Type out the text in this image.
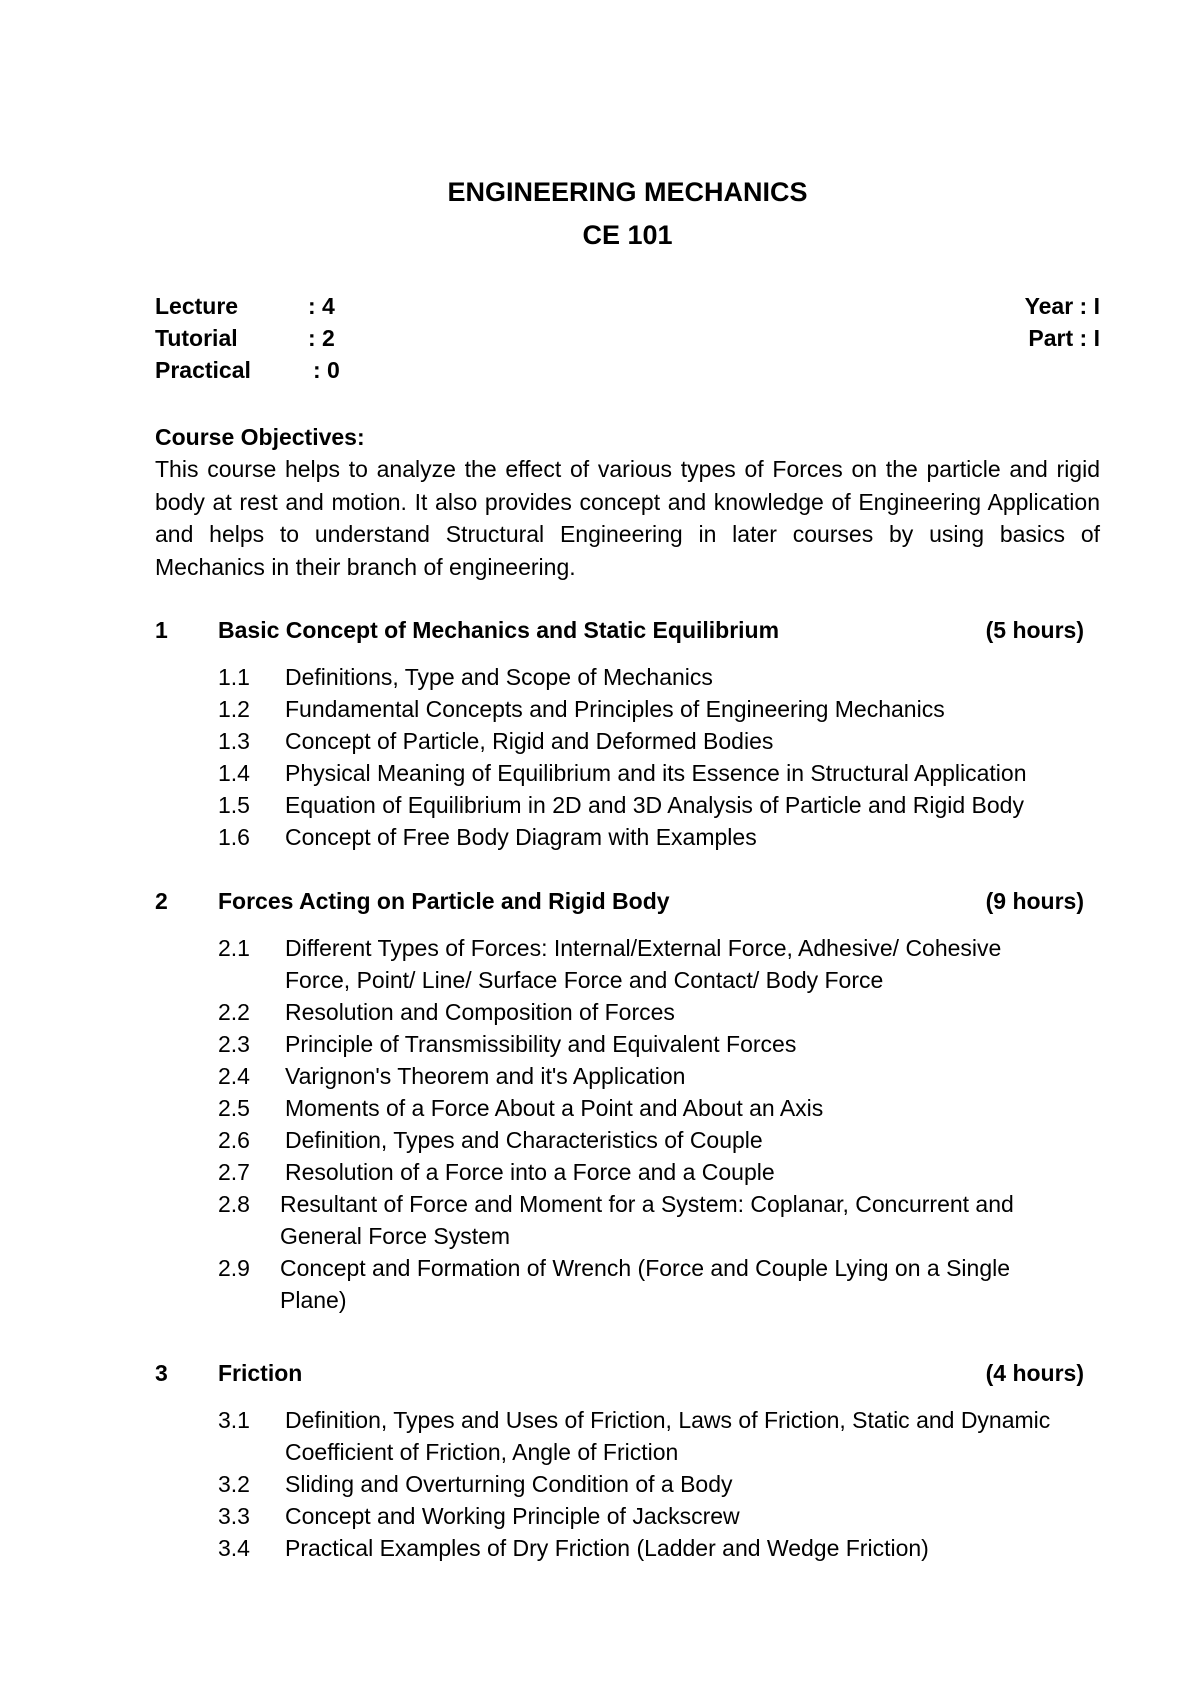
ENGINEERING MECHANICS
CE 101
Lecture	: 4	Year : I
Tutorial	: 2	Part : I
Practical	: 0
Course Objectives:

This course helps to analyze the effect of various types of Forces on the particle and rigid body at rest and motion. It also provides concept and knowledge of Engineering Application and helps to understand Structural Engineering in later courses by using basics of Mechanics in their branch of engineering.

1 Basic Concept of Mechanics and Static Equilibrium	(5 hours)
1.1 Definitions, Type and Scope of Mechanics
1.2 Fundamental Concepts and Principles of Engineering Mechanics
1.3 Concept of Particle, Rigid and Deformed Bodies
1.4 Physical Meaning of Equilibrium and its Essence in Structural Application
1.5 Equation of Equilibrium in 2D and 3D Analysis of Particle and Rigid Body
1.6 Concept of Free Body Diagram with Examples
2 Forces Acting on Particle and Rigid Body	(9 hours)
2.1 Different Types of Forces: Internal/External Force, Adhesive/ Cohesive Force, Point/ Line/ Surface Force and Contact/ Body Force
2.2 Resolution and Composition of Forces
2.3 Principle of Transmissibility and Equivalent Forces
2.4 Varignon's Theorem and it's Application
2.5 Moments of a Force About a Point and About an Axis
2.6 Definition, Types and Characteristics of Couple
2.7 Resolution of a Force into a Force and a Couple
2.8 Resultant of Force and Moment for a System: Coplanar, Concurrent and General Force System
2.9 Concept and Formation of Wrench (Force and Couple Lying on a Single Plane)
3 Friction	(4 hours)
3.1 Definition, Types and Uses of Friction, Laws of Friction, Static and Dynamic Coefficient of Friction, Angle of Friction
3.2 Sliding and Overturning Condition of a Body
3.3 Concept and Working Principle of Jackscrew
3.4 Practical Examples of Dry Friction (Ladder and Wedge Friction)
